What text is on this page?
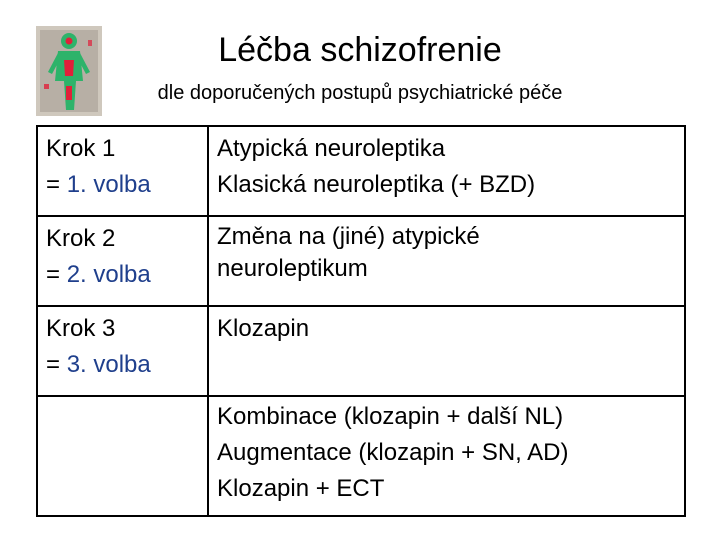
Léčba schizofrenie
dle doporučených postupů psychiatrické péče
Krok 1
= 1. volba	Atypická neuroleptika
Klasická neuroleptika (+ BZD)

Krok 2
= 2. volba	Změna na (jiné) atypické
neuroleptikum

Krok 3
= 3. volba	Klozapin

	Kombinace (klozapin + další NL)
Augmentace (klozapin + SN, AD)
Klozapin + ECT
